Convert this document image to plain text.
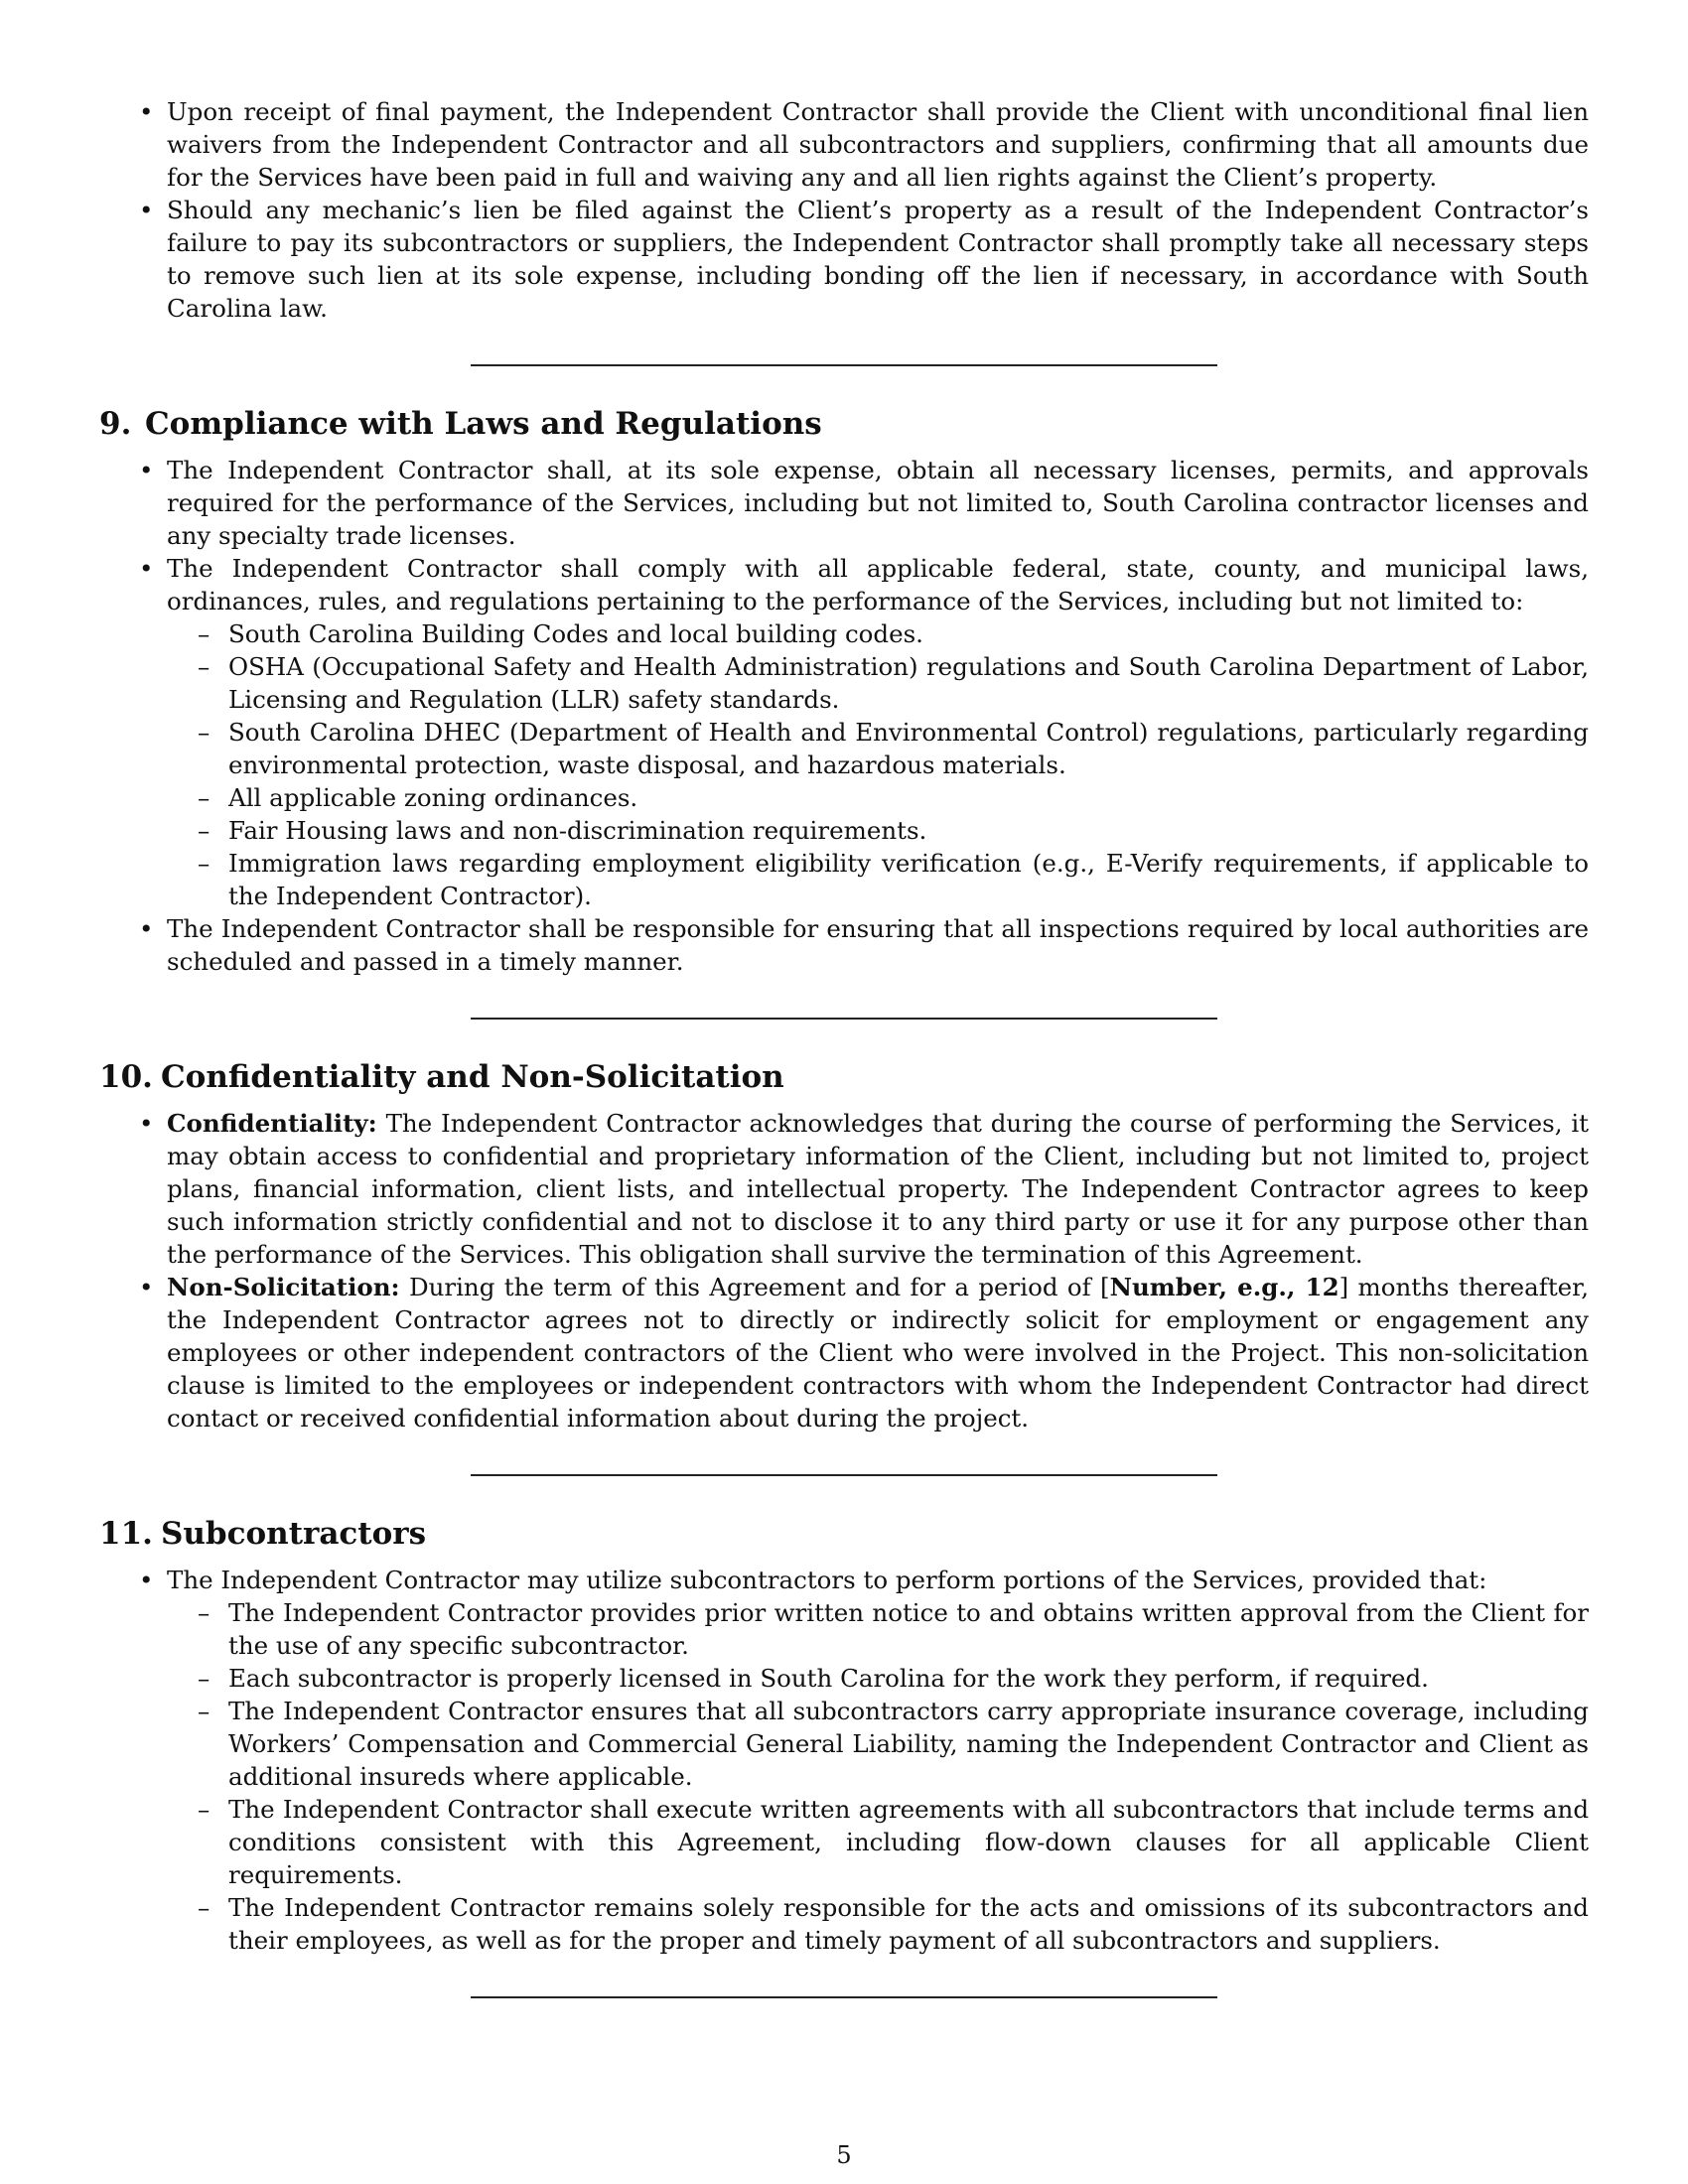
• Upon receipt of final payment, the Independent Contractor shall provide the Client with unconditional final lien waivers from the Independent Contractor and all subcontractors and suppliers, confirming that all amounts due for the Services have been paid in full and waiving any and all lien rights against the Client’s property.
• Should any mechanic’s lien be filed against the Client’s property as a result of the Independent Contractor’s failure to pay its subcontractors or suppliers, the Independent Contractor shall promptly take all necessary steps to remove such lien at its sole expense, including bonding off the lien if necessary, in accordance with South Carolina law.
9. Compliance with Laws and Regulations
• The Independent Contractor shall, at its sole expense, obtain all necessary licenses, permits, and approvals required for the performance of the Services, including but not limited to, South Carolina contractor licenses and any specialty trade licenses.
• The Independent Contractor shall comply with all applicable federal, state, county, and municipal laws, ordinances, rules, and regulations pertaining to the performance of the Services, including but not limited to:
– South Carolina Building Codes and local building codes.
– OSHA (Occupational Safety and Health Administration) regulations and South Carolina Department of Labor, Licensing and Regulation (LLR) safety standards.
– South Carolina DHEC (Department of Health and Environmental Control) regulations, particularly regarding environmental protection, waste disposal, and hazardous materials.
– All applicable zoning ordinances.
– Fair Housing laws and non-discrimination requirements.
– Immigration laws regarding employment eligibility verification (e.g., E-Verify requirements, if applicable to the Independent Contractor).
• The Independent Contractor shall be responsible for ensuring that all inspections required by local authorities are scheduled and passed in a timely manner.
10. Confidentiality and Non-Solicitation
• Confidentiality: The Independent Contractor acknowledges that during the course of performing the Services, it may obtain access to confidential and proprietary information of the Client, including but not limited to, project plans, financial information, client lists, and intellectual property. The Independent Contractor agrees to keep such information strictly confidential and not to disclose it to any third party or use it for any purpose other than the performance of the Services. This obligation shall survive the termination of this Agreement.
• Non-Solicitation: During the term of this Agreement and for a period of [Number, e.g., 12] months thereafter, the Independent Contractor agrees not to directly or indirectly solicit for employment or engagement any employees or other independent contractors of the Client who were involved in the Project. This non-solicitation clause is limited to the employees or independent contractors with whom the Independent Contractor had direct contact or received confidential information about during the project.
11. Subcontractors
• The Independent Contractor may utilize subcontractors to perform portions of the Services, provided that:
– The Independent Contractor provides prior written notice to and obtains written approval from the Client for the use of any specific subcontractor.
– Each subcontractor is properly licensed in South Carolina for the work they perform, if required.
– The Independent Contractor ensures that all subcontractors carry appropriate insurance coverage, including Workers’ Compensation and Commercial General Liability, naming the Independent Contractor and Client as additional insureds where applicable.
– The Independent Contractor shall execute written agreements with all subcontractors that include terms and conditions consistent with this Agreement, including flow-down clauses for all applicable Client requirements.
– The Independent Contractor remains solely responsible for the acts and omissions of its subcontractors and their employees, as well as for the proper and timely payment of all subcontractors and suppliers.
5
